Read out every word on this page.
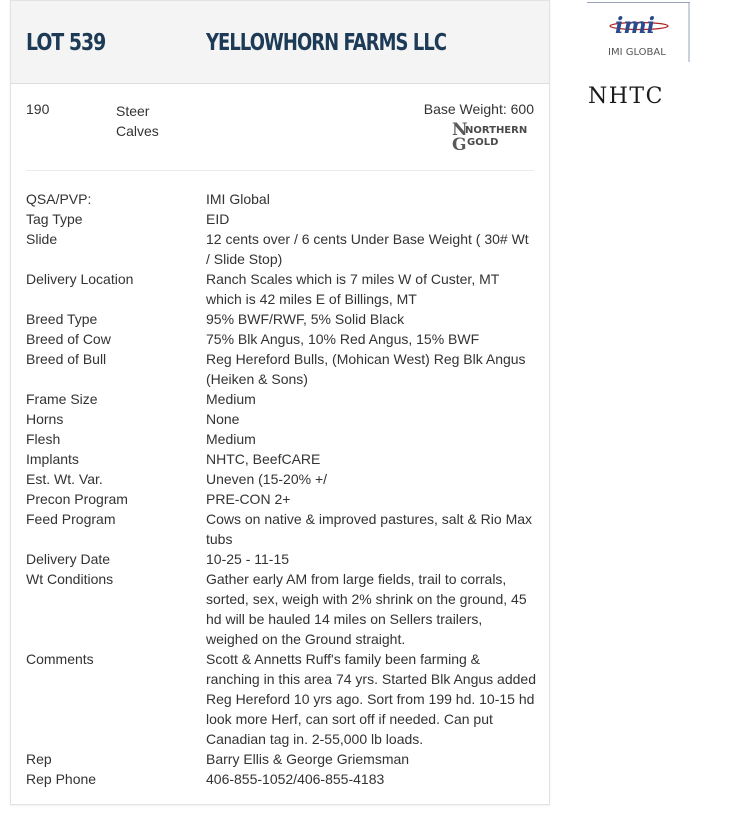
LOT 539	YELLOWHORN FARMS LLC
190	Steer
Calves
Base Weight: 600
N
G
NORTHERN
GOLD
QSA/PVP:	IMI Global
Tag Type	EID
Slide	12 cents over / 6 cents Under Base Weight ( 30# Wt / Slide Stop)
Delivery Location	Ranch Scales which is 7 miles W of Custer, MT which is 42 miles E of Billings, MT
Breed Type	95% BWF/RWF, 5% Solid Black
Breed of Cow	75% Blk Angus, 10% Red Angus, 15% BWF
Breed of Bull	Reg Hereford Bulls, (Mohican West) Reg Blk Angus (Heiken & Sons)
Frame Size	Medium
Horns	None
Flesh	Medium
Implants	NHTC, BeefCARE
Est. Wt. Var.	Uneven (15-20% +/
Precon Program	PRE-CON 2+
Feed Program	Cows on native & improved pastures, salt & Rio Max tubs
Delivery Date	10-25 - 11-15
Wt Conditions	Gather early AM from large fields, trail to corrals, sorted, sex, weigh with 2% shrink on the ground, 45 hd will be hauled 14 miles on Sellers trailers, weighed on the Ground straight.
Comments	Scott & Annetts Ruff's family been farming & ranching in this area 74 yrs. Started Blk Angus added Reg Hereford 10 yrs ago. Sort from 199 hd. 10-15 hd look more Herf, can sort off if needed. Can put Canadian tag in. 2-55,000 lb loads.
Rep	Barry Ellis & George Griemsman
Rep Phone	406-855-1052/406-855-4183
imi
IMI GLOBAL
NHTC
